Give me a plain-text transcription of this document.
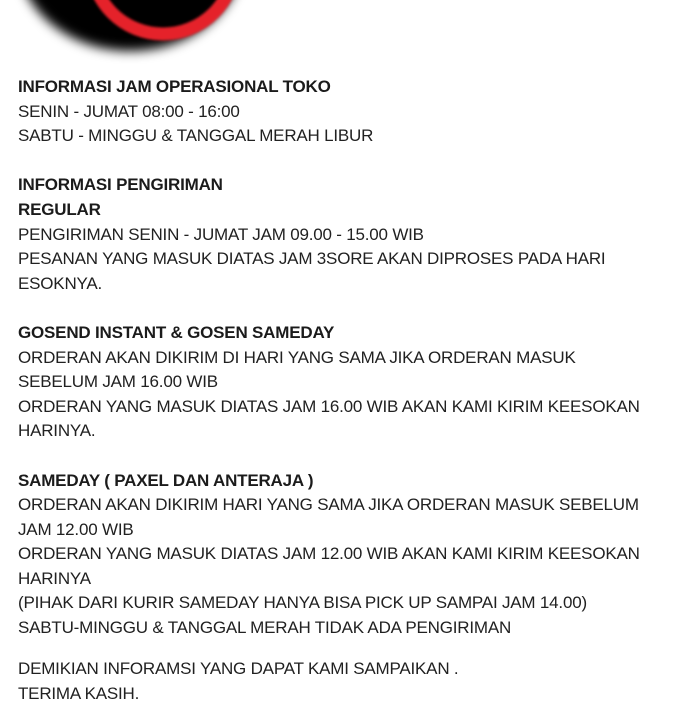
INFORMASI JAM OPERASIONAL TOKO
SENIN - JUMAT 08:00 - 16:00
SABTU - MINGGU & TANGGAL MERAH LIBUR
INFORMASI PENGIRIMAN
REGULAR
PENGIRIMAN SENIN - JUMAT JAM 09.00 - 15.00 WIB
PESANAN YANG MASUK DIATAS JAM 3SORE AKAN DIPROSES PADA HARI
ESOKNYA.
GOSEND INSTANT & GOSEN SAMEDAY
ORDERAN AKAN DIKIRIM DI HARI YANG SAMA JIKA ORDERAN MASUK
SEBELUM JAM 16.00 WIB
ORDERAN YANG MASUK DIATAS JAM 16.00 WIB AKAN KAMI KIRIM KEESOKAN
HARINYA.
SAMEDAY ( PAXEL DAN ANTERAJA )
ORDERAN AKAN DIKIRIM HARI YANG SAMA JIKA ORDERAN MASUK SEBELUM
JAM 12.00 WIB
ORDERAN YANG MASUK DIATAS JAM 12.00 WIB AKAN KAMI KIRIM KEESOKAN
HARINYA
(PIHAK DARI KURIR SAMEDAY HANYA BISA PICK UP SAMPAI JAM 14.00)
SABTU-MINGGU & TANGGAL MERAH TIDAK ADA PENGIRIMAN
DEMIKIAN INFORAMSI YANG DAPAT KAMI SAMPAIKAN .
TERIMA KASIH.
